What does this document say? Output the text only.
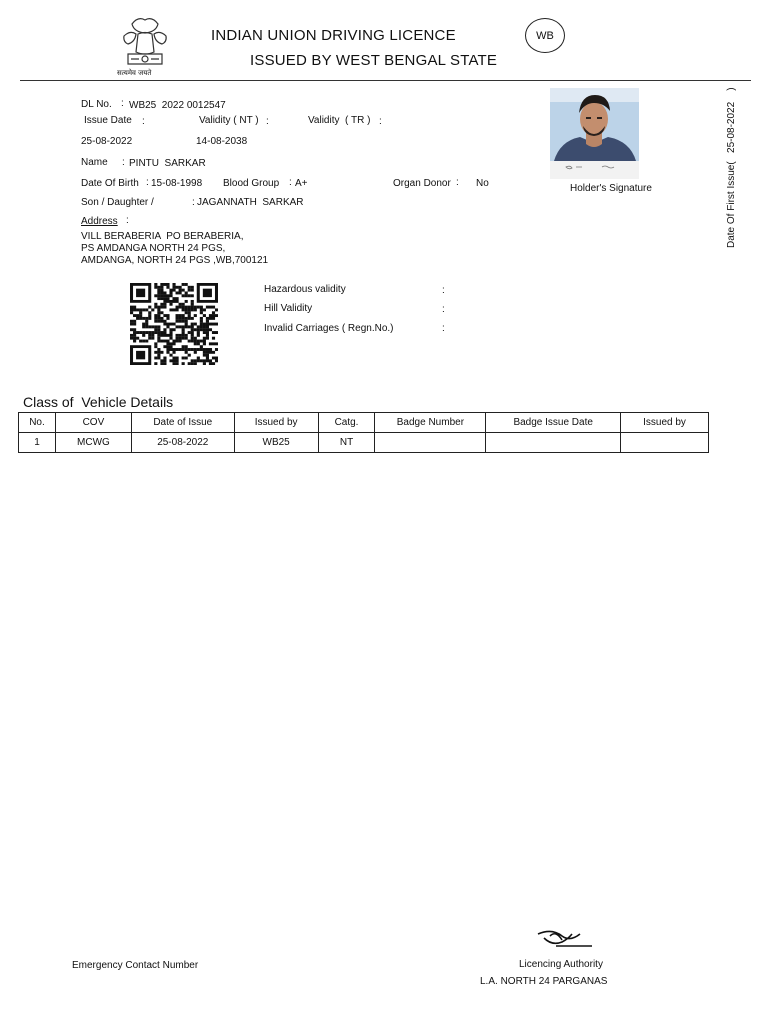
सत्यमेव जयते
INDIAN UNION DRIVING LICENCE
ISSUED BY WEST BENGAL STATE
WB
DL No. : WB25  2022 0012547
Issue Date :	Validity ( NT ) :	Validity  ( TR ) :
25-08-2022	14-08-2038
Name : PINTU  SARKAR
Date Of Birth : 15-08-1998 Blood Group : A+	Organ Donor : No
Son / Daughter /	: JAGANNATH  SARKAR
Address :
VILL BERABERIA  PO BERABERIA,
PS AMDANGA NORTH 24 PGS,
AMDANGA, NORTH 24 PGS ,WB,700121
Holder's Signature	Date Of First Issue(   25-08-2022    )
Hazardous validity	:
Hill Validity	:
Invalid Carriages ( Regn.No.)	:
Class of  Vehicle Details
No.	COV	Date of Issue	Issued by	Catg.	Badge Number	Badge Issue Date	Issued by
1	MCWG	25-08-2022	WB25	NT			
Emergency Contact Number	Licencing Authority
L.A. NORTH 24 PARGANAS
